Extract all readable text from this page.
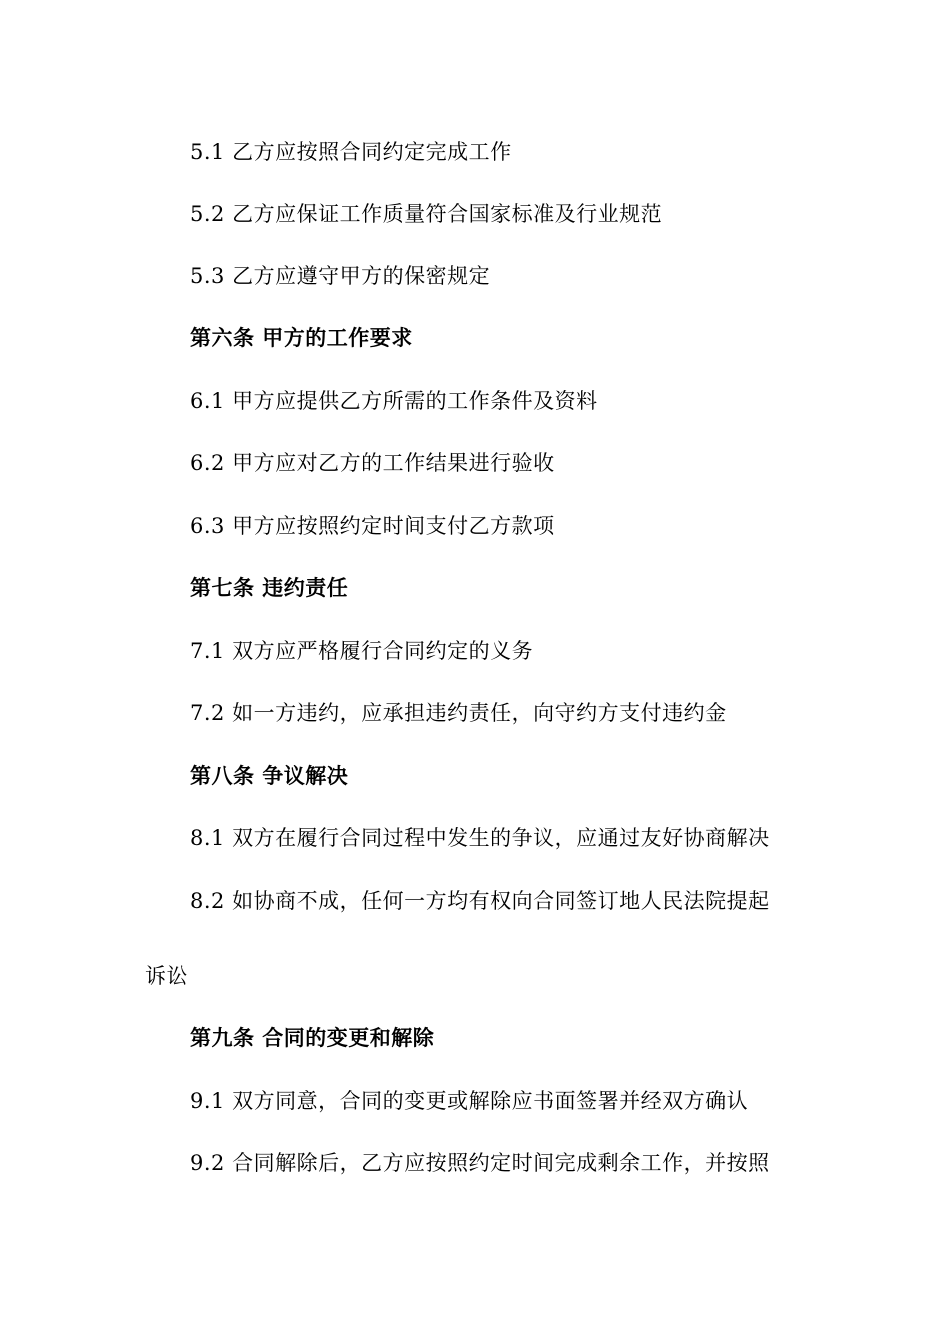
5.1 乙方应按照合同约定完成工作
5.2 乙方应保证工作质量符合国家标准及行业规范
5.3 乙方应遵守甲方的保密规定
第六条 甲方的工作要求
6.1 甲方应提供乙方所需的工作条件及资料
6.2 甲方应对乙方的工作结果进行验收
6.3 甲方应按照约定时间支付乙方款项
第七条 违约责任
7.1 双方应严格履行合同约定的义务
7.2 如一方违约，应承担违约责任，向守约方支付违约金
第八条 争议解决
8.1 双方在履行合同过程中发生的争议，应通过友好协商解决
8.2 如协商不成，任何一方均有权向合同签订地人民法院提起
诉讼
第九条 合同的变更和解除
9.1 双方同意，合同的变更或解除应书面签署并经双方确认
9.2 合同解除后，乙方应按照约定时间完成剩余工作，并按照
